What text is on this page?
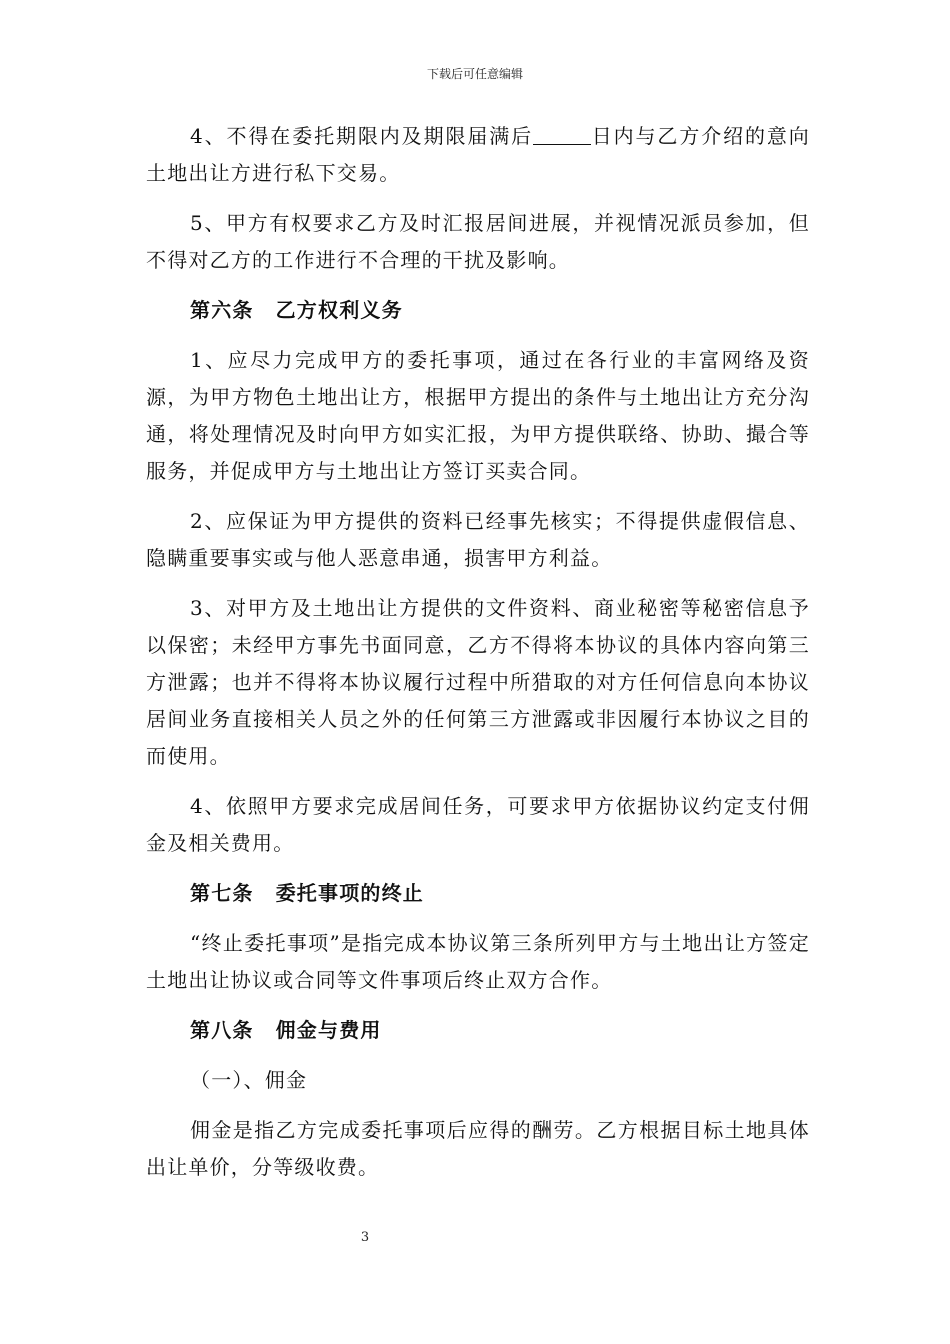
下载后可任意编辑

4、不得在委托期限内及期限届满后	日内与乙方介绍的意向土地出让方进行私下交易。

5、甲方有权要求乙方及时汇报居间进展，并视情况派员参加，但不得对乙方的工作进行不合理的干扰及影响。

第六条 乙方权利义务

1、应尽力完成甲方的委托事项，通过在各行业的丰富网络及资源，为甲方物色土地出让方，根据甲方提出的条件与土地出让方充分沟通，将处理情况及时向甲方如实汇报，为甲方提供联络、协助、撮合等服务，并促成甲方与土地出让方签订买卖合同。

2、应保证为甲方提供的资料已经事先核实；不得提供虚假信息、隐瞒重要事实或与他人恶意串通，损害甲方利益。

3、对甲方及土地出让方提供的文件资料、商业秘密等秘密信息予以保密；未经甲方事先书面同意，乙方不得将本协议的具体内容向第三方泄露；也并不得将本协议履行过程中所猎取的对方任何信息向本协议居间业务直接相关人员之外的任何第三方泄露或非因履行本协议之目的而使用。

4、依照甲方要求完成居间任务，可要求甲方依据协议约定支付佣金及相关费用。

第七条 委托事项的终止

“终止委托事项”是指完成本协议第三条所列甲方与土地出让方签定土地出让协议或合同等文件事项后终止双方合作。

第八条 佣金与费用

（一）、佣金

佣金是指乙方完成委托事项后应得的酬劳。乙方根据目标土地具体出让单价，分等级收费。

3
